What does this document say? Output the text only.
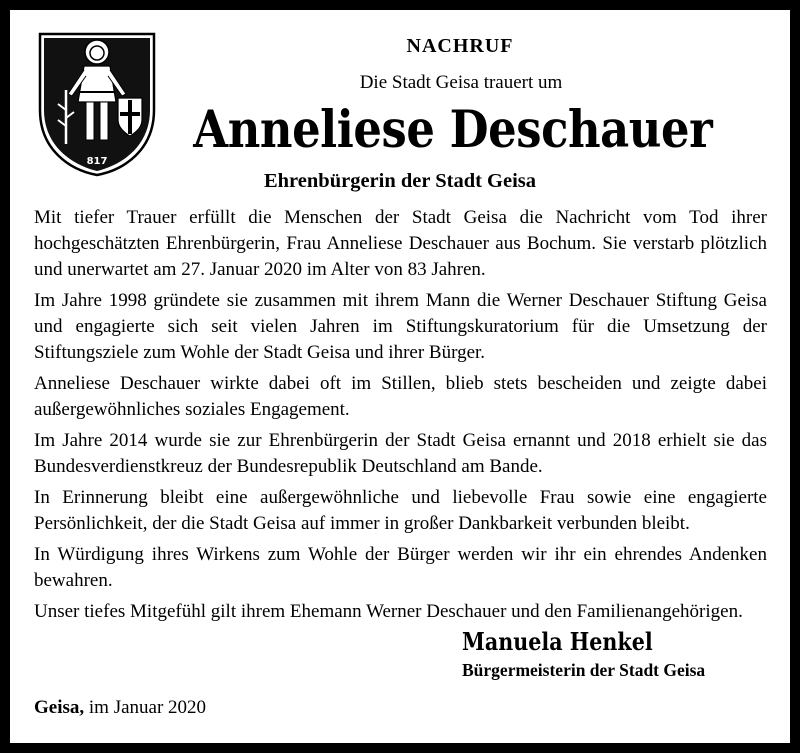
817
NACHRUF
Die Stadt Geisa trauert um
Anneliese Deschauer
Ehrenbürgerin der Stadt Geisa

Mit tiefer Trauer erfüllt die Menschen der Stadt Geisa die Nachricht vom Tod ihrer hochgeschätzten Ehrenbürgerin, Frau Anneliese Deschauer aus Bochum. Sie verstarb plötzlich und unerwartet am 27. Januar 2020 im Alter von 83 Jahren.

Im Jahre 1998 gründete sie zusammen mit ihrem Mann die Werner Deschauer Stiftung Geisa und engagierte sich seit vielen Jahren im Stiftungskuratorium für die Umsetzung der Stiftungsziele zum Wohle der Stadt Geisa und ihrer Bürger.

Anneliese Deschauer wirkte dabei oft im Stillen, blieb stets bescheiden und zeigte dabei außergewöhnliches soziales Engagement.

Im Jahre 2014 wurde sie zur Ehrenbürgerin der Stadt Geisa ernannt und 2018 erhielt sie das Bundesverdienstkreuz der Bundesrepublik Deutschland am Bande.

In Erinnerung bleibt eine außergewöhnliche und liebevolle Frau sowie eine engagierte Persönlichkeit, der die Stadt Geisa auf immer in großer Dankbarkeit verbunden bleibt.

In Würdigung ihres Wirkens zum Wohle der Bürger werden wir ihr ein ehrendes Andenken bewahren.

Unser tiefes Mitgefühl gilt ihrem Ehemann Werner Deschauer und den Familienangehörigen.

Manuela Henkel
Bürgermeisterin der Stadt Geisa
Geisa, im Januar 2020
